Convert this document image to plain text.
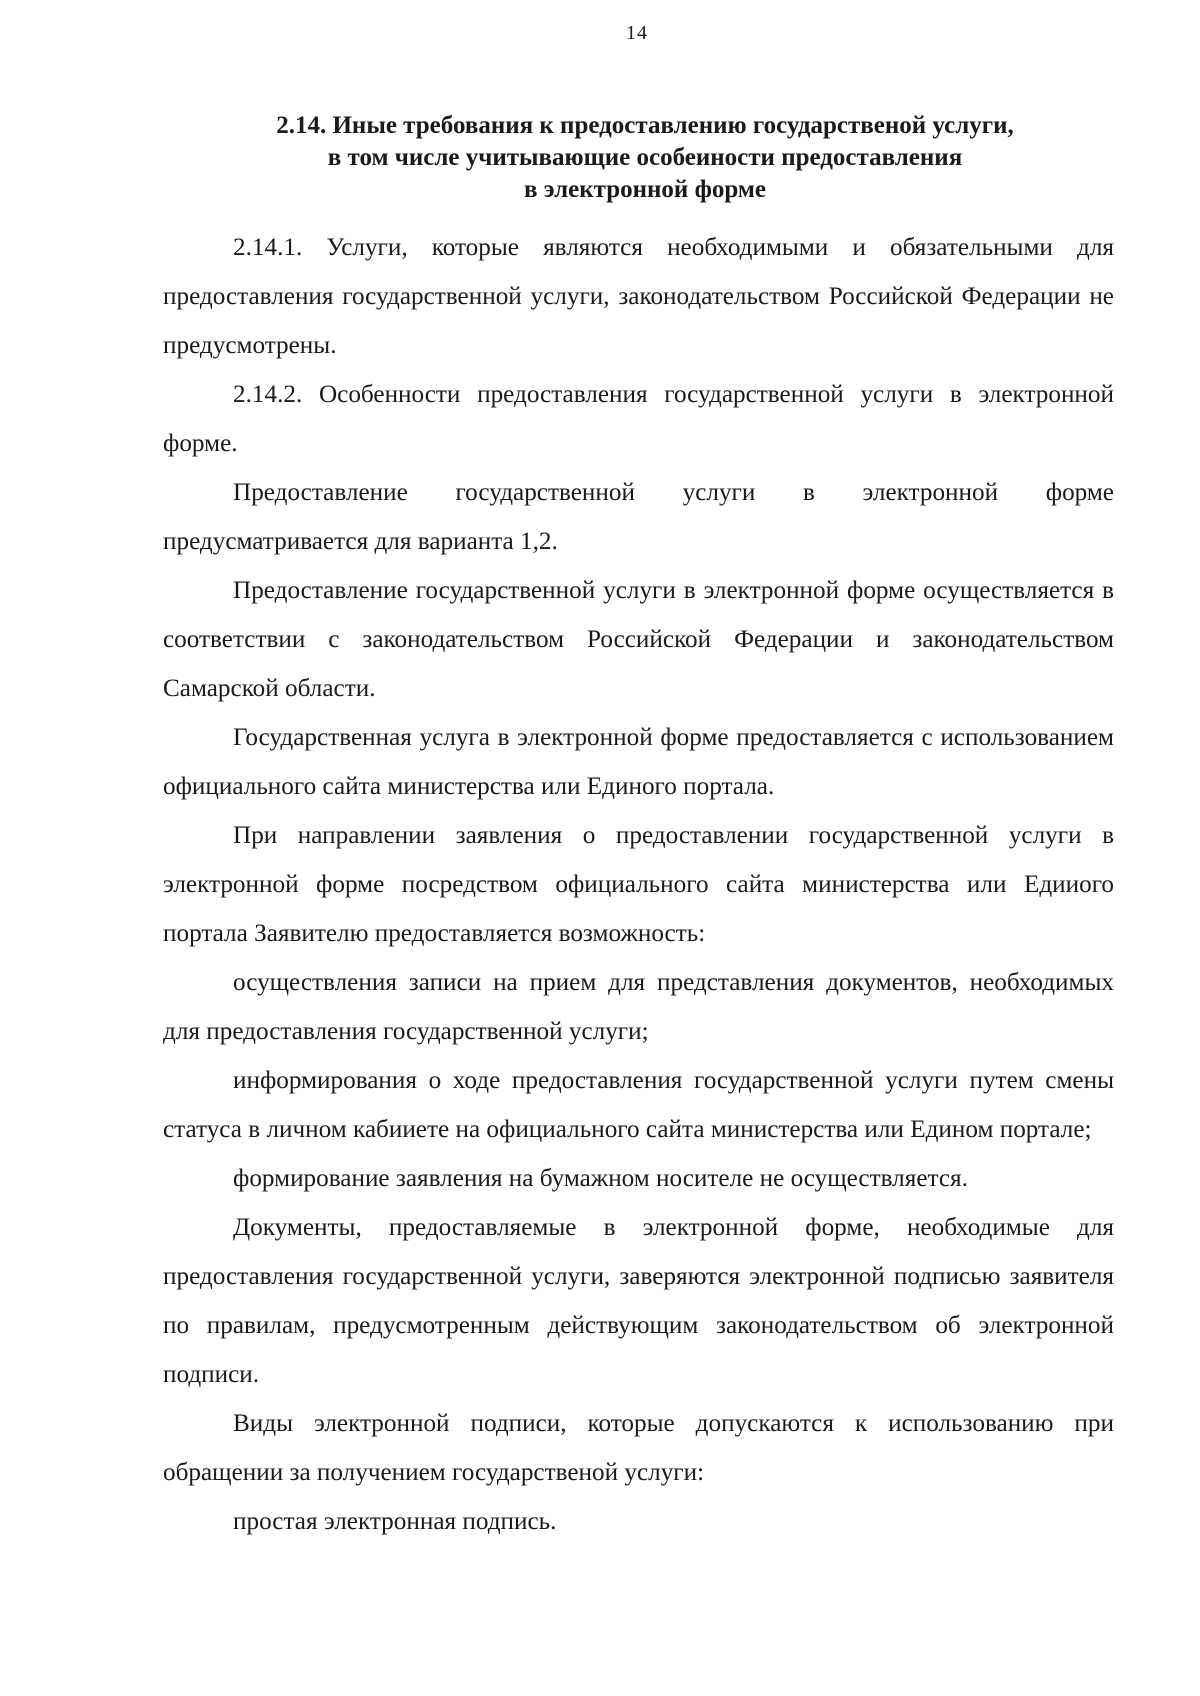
14
2.14. Иные требования к предоставлению государственой услуги,
в том числе учитывающие особеиности предоставления
в электронной форме

2.14.1. Услуги, которые являются необходимыми и обязательными для предоставления государственной услуги, законодательством Российской Федерации не предусмотрены.

2.14.2. Особенности предоставления государственной услуги в электронной форме.

Предоставление государственной услуги в электронной форме предусматривается для варианта 1,2.

Предоставление государственной услуги в электронной форме осуществляется в соответствии с законодательством Российской Федерации и законодательством Самарской области.

Государственная услуга в электронной форме предоставляется с использованием официального сайта министерства или Единого портала.

При направлении заявления о предоставлении государственной услуги в электронной форме посредством официального сайта министерства или Едииого портала Заявителю предоставляется возможность:

осуществления записи на прием для представления документов, необходимых для предоставления государственной услуги;

информирования о ходе предоставления государственной услуги путем смены статуса в личном кабииете на официального сайта министерства или Едином портале;

формирование заявления на бумажном носителе не осуществляется.

Документы, предоставляемые в электронной форме, необходимые для предоставления государственной услуги, заверяются электронной подписью заявителя по правилам, предусмотренным действующим законодательством об электронной подписи.

Виды электронной подписи, которые допускаются к использованию при обращении за получением государственой услуги:

простая электронная подпись.
